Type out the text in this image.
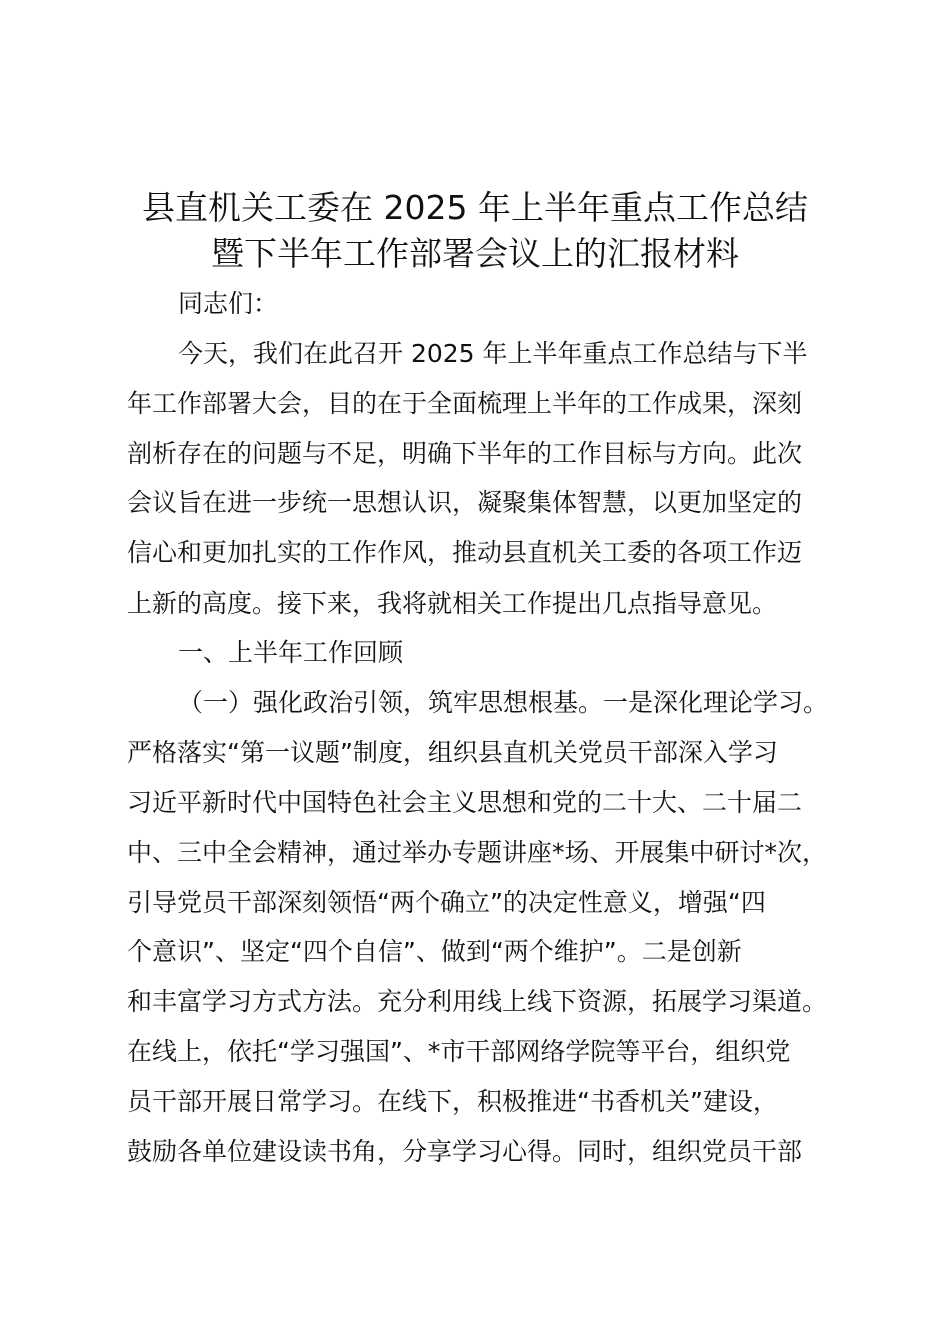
县直机关工委在 2025 年上半年重点工作总结
暨下半年工作部署会议上的汇报材料
同志们：
今天，我们在此召开 2025 年上半年重点工作总结与下半
年工作部署大会，目的在于全面梳理上半年的工作成果，深刻
剖析存在的问题与不足，明确下半年的工作目标与方向。此次
会议旨在进一步统一思想认识，凝聚集体智慧，以更加坚定的
信心和更加扎实的工作作风，推动县直机关工委的各项工作迈
上新的高度。接下来，我将就相关工作提出几点指导意见。
一、上半年工作回顾
（一）强化政治引领，筑牢思想根基。一是深化理论学习。
严格落实“第一议题”制度，组织县直机关党员干部深入学习
习近平新时代中国特色社会主义思想和党的二十大、二十届二
中、三中全会精神，通过举办专题讲座*场、开展集中研讨*次，
引导党员干部深刻领悟“两个确立”的决定性意义，增强“四
个意识”、坚定“四个自信”、做到“两个维护”。二是创新
和丰富学习方式方法。充分利用线上线下资源，拓展学习渠道。
在线上，依托“学习强国”、*市干部网络学院等平台，组织党
员干部开展日常学习。在线下，积极推进“书香机关”建设，
鼓励各单位建设读书角，分享学习心得。同时，组织党员干部
